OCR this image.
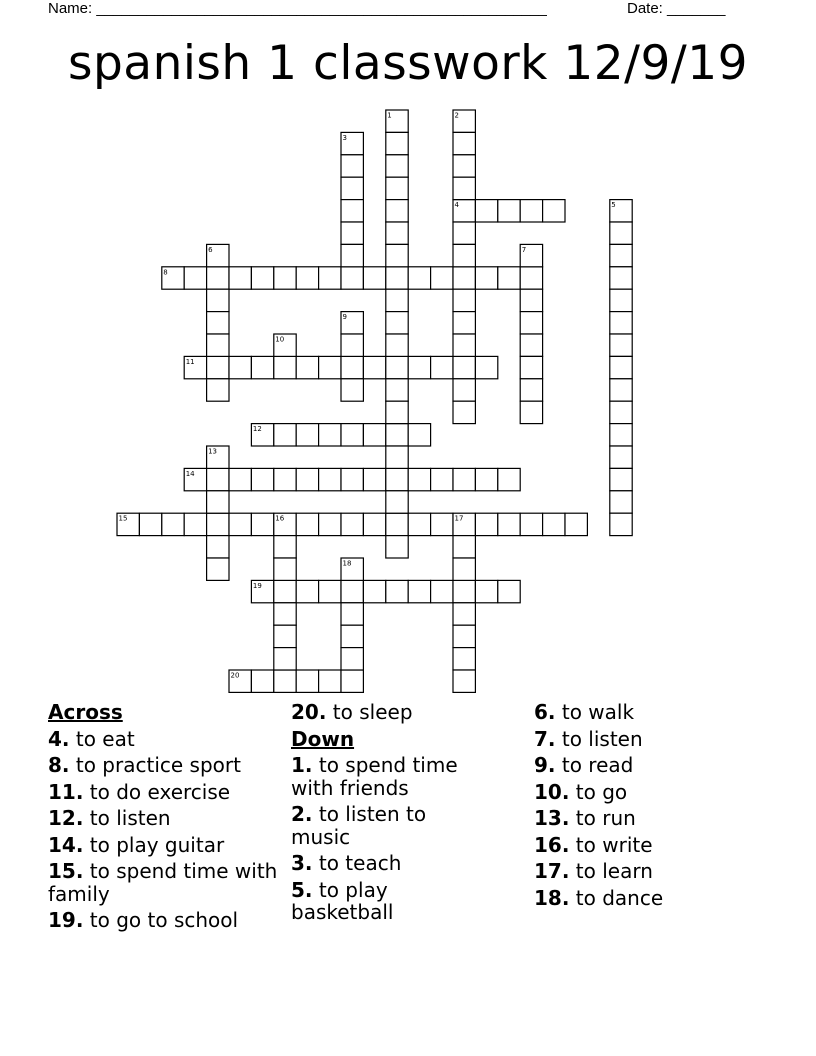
Name: ______________________________________________________	Date: _______
spanish 1 classwork 12/9/19
4
8
11
12
14
15
19
20
1	2
3
5
6	7
9
10
13
16	17
18
Across
4. to eat
8. to practice sport
11. to do exercise
12. to listen
14. to play guitar
15. to spend time with family
19. to go to school
20. to sleep
Down
1. to spend time with friends
2. to listen to music
3. to teach
5. to play basketball
6. to walk
7. to listen
9. to read
10. to go
13. to run
16. to write
17. to learn
18. to dance
